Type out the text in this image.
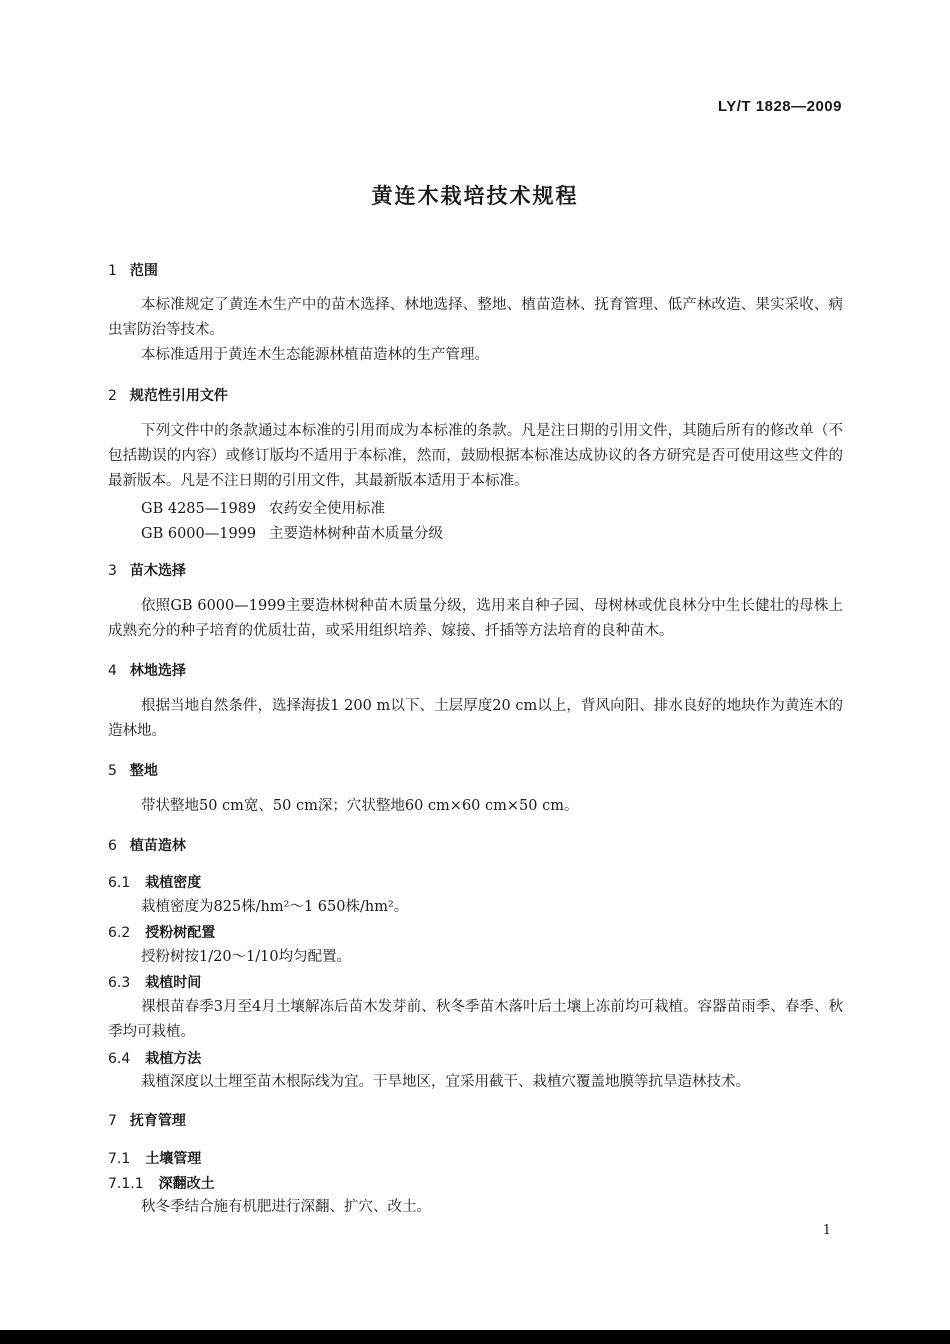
LY/T 1828—2009
黄连木栽培技术规程
1 范围

本标准规定了黄连木生产中的苗木选择、林地选择、整地、植苗造林、抚育管理、低产林改造、果实采收、病虫害防治等技术。

本标准适用于黄连木生态能源林植苗造林的生产管理。

2 规范性引用文件

下列文件中的条款通过本标准的引用而成为本标准的条款。凡是注日期的引用文件，其随后所有的修改单（不包括勘误的内容）或修订版均不适用于本标准，然而，鼓励根据本标准达成协议的各方研究是否可使用这些文件的最新版本。凡是不注日期的引用文件，其最新版本适用于本标准。

GB 4285—1989 农药安全使用标准
GB 6000—1999 主要造林树种苗木质量分级
3 苗木选择

依照GB 6000—1999主要造林树种苗木质量分级，选用来自种子园、母树林或优良林分中生长健壮的母株上成熟充分的种子培育的优质壮苗，或采用组织培养、嫁接、扦插等方法培育的良种苗木。

4 林地选择

根据当地自然条件，选择海拔1 200 m以下、土层厚度20 cm以上，背风向阳、排水良好的地块作为黄连木的造林地。

5 整地

带状整地50 cm宽、50 cm深；穴状整地60 cm×60 cm×50 cm。

6 植苗造林
6.1 栽植密度

栽植密度为825株/hm²～1 650株/hm²。

6.2 授粉树配置

授粉树按1/20～1/10均匀配置。

6.3 栽植时间

裸根苗春季3月至4月土壤解冻后苗木发芽前、秋冬季苗木落叶后土壤上冻前均可栽植。容器苗雨季、春季、秋季均可栽植。

6.4 栽植方法

栽植深度以土埋至苗木根际线为宜。干旱地区，宜采用截干、栽植穴覆盖地膜等抗旱造林技术。

7 抚育管理
7.1 土壤管理
7.1.1 深翻改土

秋冬季结合施有机肥进行深翻、扩穴、改土。

1
